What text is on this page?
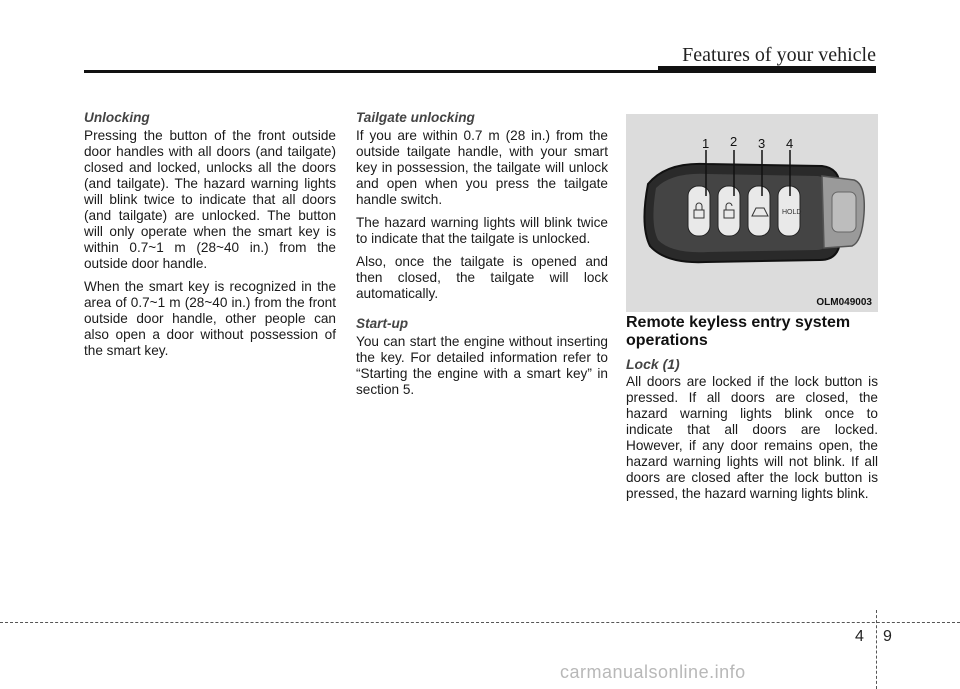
Features of your vehicle
Unlocking

Pressing the button of the front outside door handles with all doors (and tailgate) closed and locked, unlocks all the doors (and tailgate). The hazard warning lights will blink twice to indicate that all doors (and tailgate) are unlocked. The button will only operate when the smart key is within 0.7~1 m (28~40 in.) from the outside door handle.

When the smart key is recognized in the area of 0.7~1 m (28~40 in.) from the front outside door handle, other people can also open a door without possession of the smart key.

Tailgate unlocking

If you are within 0.7 m (28 in.) from the outside tailgate handle, with your smart key in possession, the tailgate will unlock and open when you press the tailgate handle switch.

The hazard warning lights will blink twice to indicate that the tailgate is unlocked.

Also, once the tailgate is opened and then closed, the tailgate will lock automatically.

Start-up

You can start the engine without inserting the key. For detailed information refer to “Starting the engine with a smart key” in section 5.

HOLD
1 2 3 4
OLM049003
Remote keyless entry system operations
Lock (1)

All doors are locked if the lock button is pressed. If all doors are closed, the hazard warning lights blink once to indicate that all doors are locked. However, if any door remains open, the hazard warning lights will not blink. If all doors are closed after the lock button is pressed, the hazard warning lights blink.

4 9
carmanualsonline.info
